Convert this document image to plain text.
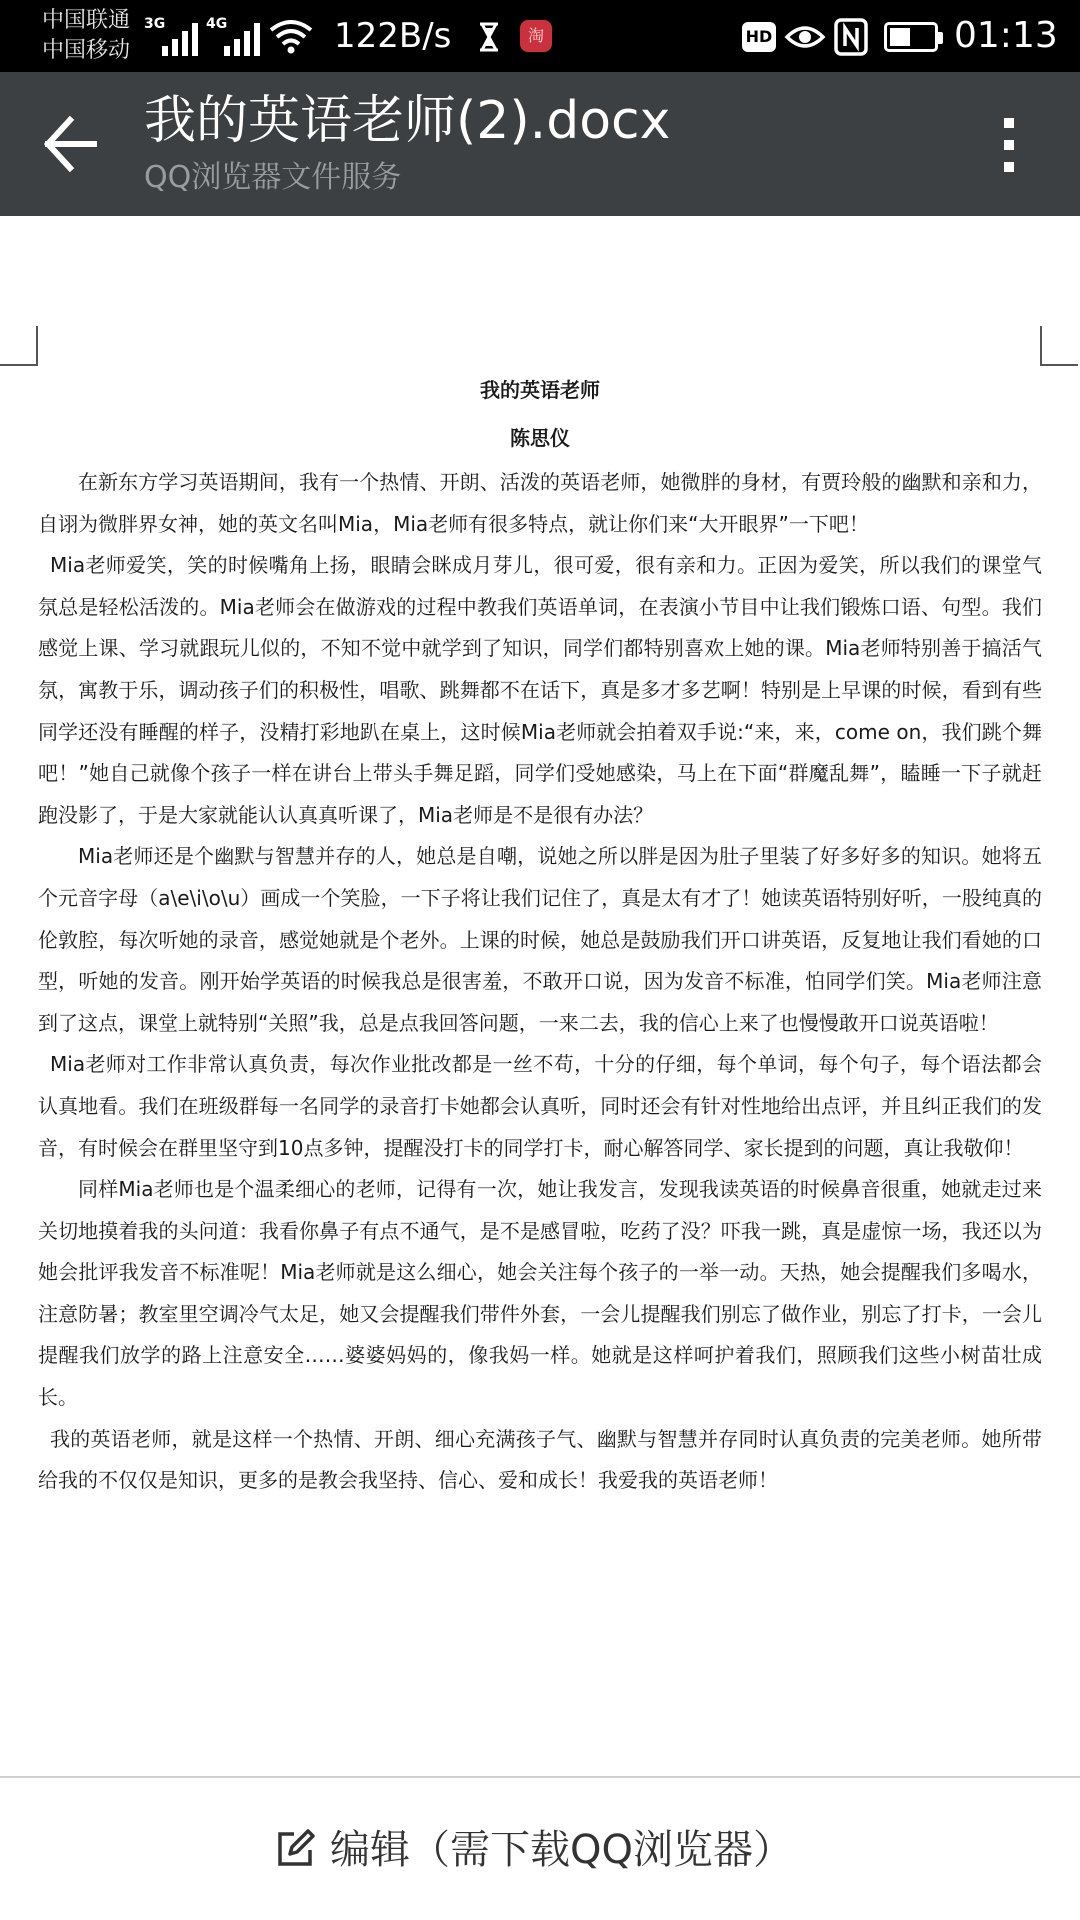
中国联通
中国移动
3G	4G	122B/s	淘	HD	01:13
我的英语老师(2).docx
QQ浏览器文件服务
我的英语老师
陈思仪

在新东方学习英语期间，我有一个热情、开朗、活泼的英语老师，她微胖的身材，有贾玲般的幽默和亲和力，自诩为微胖界女神，她的英文名叫Mia，Mia老师有很多特点，就让你们来“大开眼界”一下吧！

Mia老师爱笑，笑的时候嘴角上扬，眼睛会眯成月芽儿，很可爱，很有亲和力。正因为爱笑，所以我们的课堂气氛总是轻松活泼的。Mia老师会在做游戏的过程中教我们英语单词，在表演小节目中让我们锻炼口语、句型。我们感觉上课、学习就跟玩儿似的，不知不觉中就学到了知识，同学们都特别喜欢上她的课。Mia老师特别善于搞活气氛，寓教于乐，调动孩子们的积极性，唱歌、跳舞都不在话下，真是多才多艺啊！特别是上早课的时候，看到有些同学还没有睡醒的样子，没精打彩地趴在桌上，这时候Mia老师就会拍着双手说:“来，来，come on，我们跳个舞吧！”她自己就像个孩子一样在讲台上带头手舞足蹈，同学们受她感染，马上在下面“群魔乱舞”，瞌睡一下子就赶跑没影了，于是大家就能认认真真听课了，Mia老师是不是很有办法？

Mia老师还是个幽默与智慧并存的人，她总是自嘲，说她之所以胖是因为肚子里装了好多好多的知识。她将五个元音字母（a\e\i\o\u）画成一个笑脸，一下子将让我们记住了，真是太有才了！她读英语特别好听，一股纯真的伦敦腔，每次听她的录音，感觉她就是个老外。上课的时候，她总是鼓励我们开口讲英语，反复地让我们看她的口型，听她的发音。刚开始学英语的时候我总是很害羞，不敢开口说，因为发音不标准，怕同学们笑。Mia老师注意到了这点，课堂上就特别“关照”我，总是点我回答问题，一来二去，我的信心上来了也慢慢敢开口说英语啦！

Mia老师对工作非常认真负责，每次作业批改都是一丝不苟，十分的仔细，每个单词，每个句子，每个语法都会认真地看。我们在班级群每一名同学的录音打卡她都会认真听，同时还会有针对性地给出点评，并且纠正我们的发音，有时候会在群里坚守到10点多钟，提醒没打卡的同学打卡，耐心解答同学、家长提到的问题，真让我敬仰！

同样Mia老师也是个温柔细心的老师，记得有一次，她让我发言，发现我读英语的时候鼻音很重，她就走过来关切地摸着我的头问道：我看你鼻子有点不通气，是不是感冒啦，吃药了没？吓我一跳，真是虚惊一场，我还以为她会批评我发音不标准呢！Mia老师就是这么细心，她会关注每个孩子的一举一动。天热，她会提醒我们多喝水，注意防暑；教室里空调冷气太足，她又会提醒我们带件外套，一会儿提醒我们别忘了做作业，别忘了打卡，一会儿提醒我们放学的路上注意安全……婆婆妈妈的，像我妈一样。她就是这样呵护着我们，照顾我们这些小树苗壮成长。

我的英语老师，就是这样一个热情、开朗、细心充满孩子气、幽默与智慧并存同时认真负责的完美老师。她所带给我的不仅仅是知识，更多的是教会我坚持、信心、爱和成长！我爱我的英语老师！

编辑（需下载QQ浏览器）
